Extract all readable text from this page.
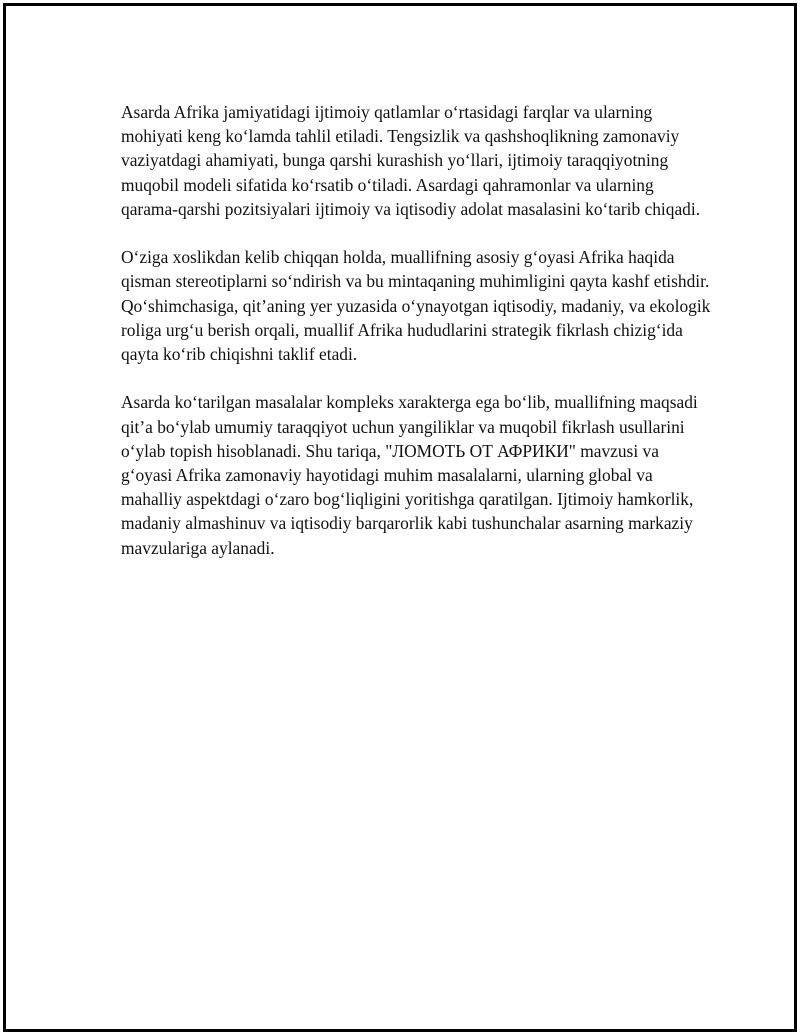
Asarda Afrika jamiyatidagi ijtimoiy qatlamlar o‘rtasidagi farqlar va ularning mohiyati keng ko‘lamda tahlil etiladi. Tengsizlik va qashshoqlikning zamonaviy vaziyatdagi ahamiyati, bunga qarshi kurashish yo‘llari, ijtimoiy taraqqiyotning muqobil modeli sifatida ko‘rsatib o‘tiladi. Asardagi qahramonlar va ularning qarama-qarshi pozitsiyalari ijtimoiy va iqtisodiy adolat masalasini ko‘tarib chiqadi.

O‘ziga xoslikdan kelib chiqqan holda, muallifning asosiy g‘oyasi Afrika haqida qisman stereotiplarni so‘ndirish va bu mintaqaning muhimligini qayta kashf etishdir. Qo‘shimchasiga, qit’aning yer yuzasida o‘ynayotgan iqtisodiy, madaniy, va ekologik roliga urg‘u berish orqali, muallif Afrika hududlarini strategik fikrlash chizig‘ida qayta ko‘rib chiqishni taklif etadi.

Asarda ko‘tarilgan masalalar kompleks xarakterga ega bo‘lib, muallifning maqsadi qit’a bo‘ylab umumiy taraqqiyot uchun yangiliklar va muqobil fikrlash usullarini o‘ylab topish hisoblanadi. Shu tariqa, "ЛОМОТЬ ОТ АФРИКИ" mavzusi va g‘oyasi Afrika zamonaviy hayotidagi muhim masalalarni, ularning global va mahalliy aspektdagi o‘zaro bog‘liqligini yoritishga qaratilgan. Ijtimoiy hamkorlik, madaniy almashinuv va iqtisodiy barqarorlik kabi tushunchalar asarning markaziy mavzulariga aylanadi.
